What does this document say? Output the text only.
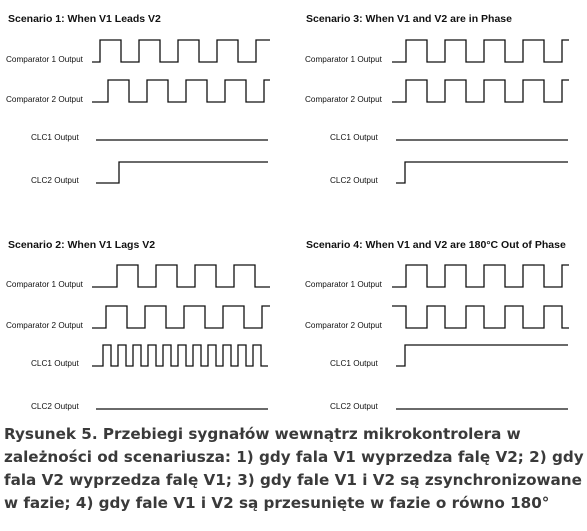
Scenario 1: When V1 Leads V2
Comparator 1 Output
Comparator 2 Output
CLC1 Output
CLC2 Output
Scenario 3: When V1 and V2 are in Phase
Comparator 1 Output
Comparator 2 Output
CLC1 Output
CLC2 Output
Scenario 2: When V1 Lags V2
Comparator 1 Output
Comparator 2 Output
CLC1 Output
CLC2 Output
Scenario 4: When V1 and V2 are 180°C Out of Phase
Comparator 1 Output
Comparator 2 Output
CLC1 Output
CLC2 Output

Rysunek 5. Przebiegi sygnałów wewnątrz mikrokontrolera w zależności od scenariusza: 1) gdy fala V1 wyprzedza falę V2; 2) gdy fala V2 wyprzedza falę V1; 3) gdy fale V1 i V2 są zsynchronizowane w fazie; 4) gdy fale V1 i V2 są przesunięte w fazie o równo 180°
